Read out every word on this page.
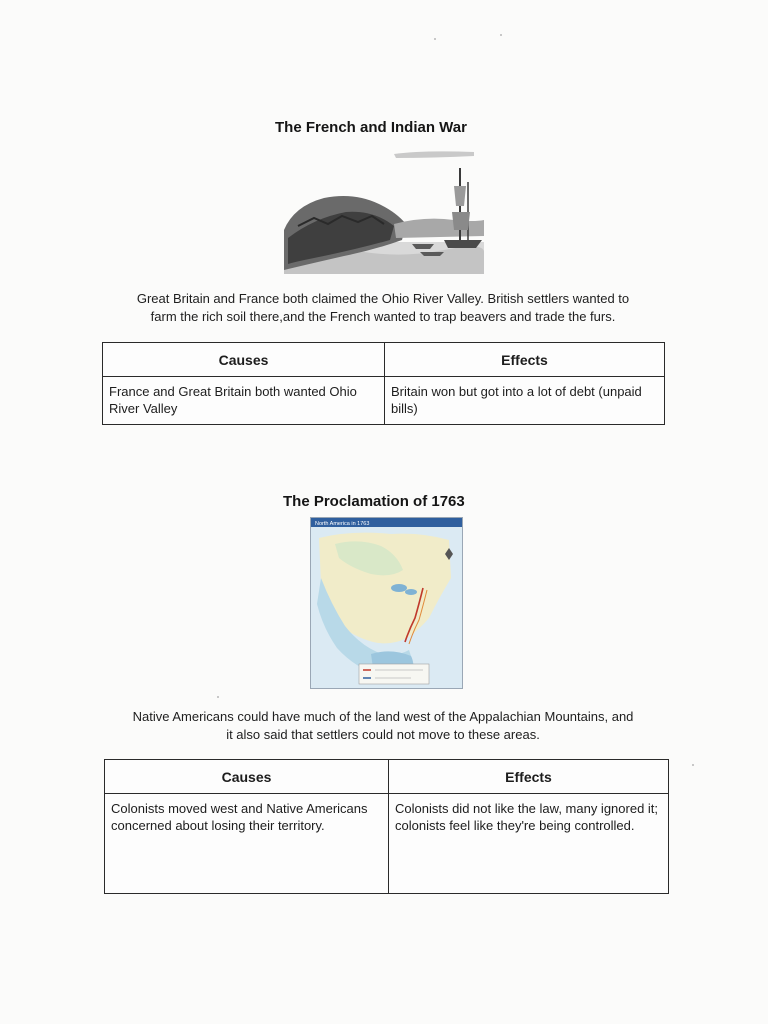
The French and Indian War
Great Britain and France both claimed the Ohio River Valley. British settlers wanted to
farm the rich soil there,and the French wanted to trap beavers and trade the furs.
Causes	Effects
France and Great Britain both wanted Ohio River Valley	Britain won but got into a lot of debt (unpaid bills)
The Proclamation of 1763
North America in 1763
Native Americans could have much of the land west of the Appalachian Mountains, and
it also said that settlers could not move to these areas.
Causes	Effects
Colonists moved west and Native Americans concerned about losing their territory.	Colonists did not like the law, many ignored it; colonists feel like they're being controlled.
